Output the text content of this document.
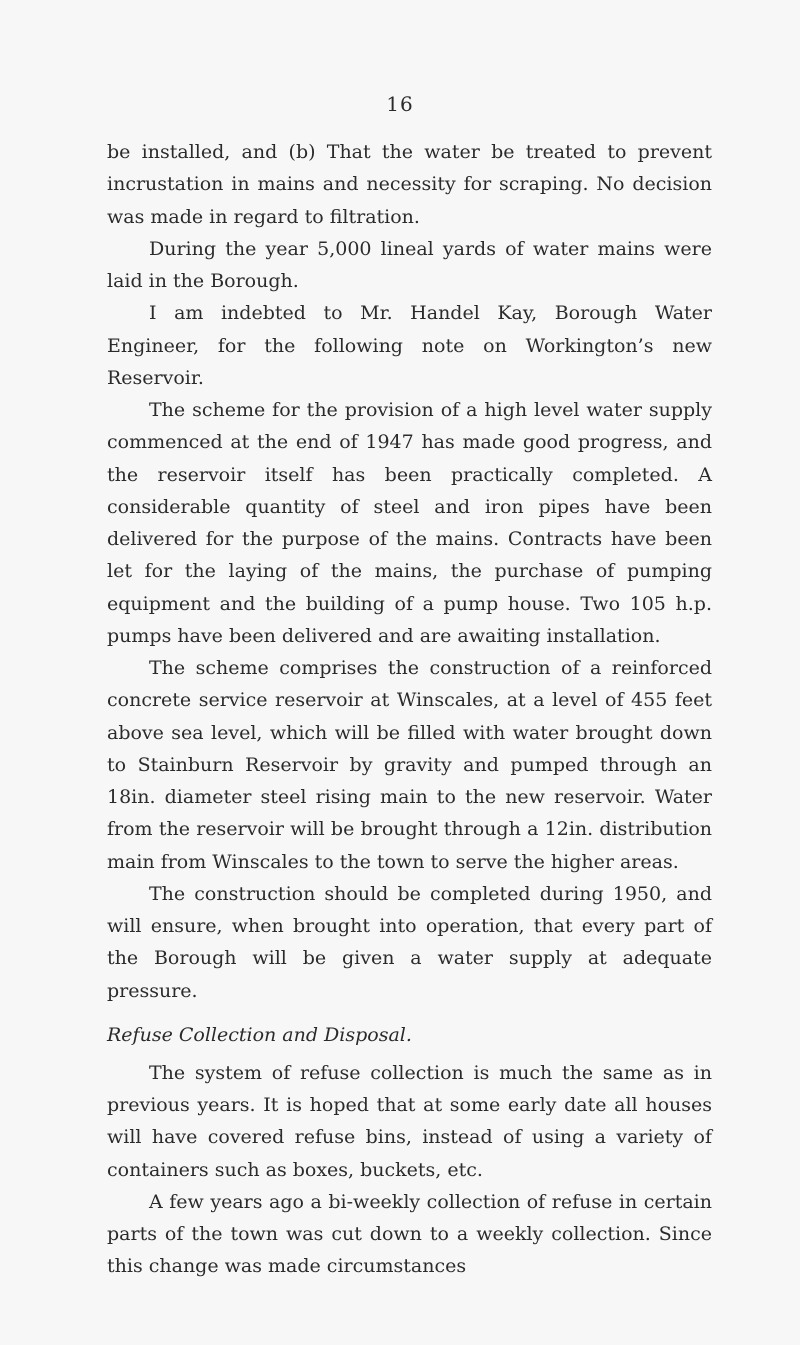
16

be installed, and (b) That the water be treated to prevent incrustation in mains and necessity for scraping. No decision was made in regard to filtration.

During the year 5,000 lineal yards of water mains were laid in the Borough.

I am indebted to Mr. Handel Kay, Borough Water Engineer, for the following note on Workington’s new Reservoir.

The scheme for the provision of a high level water supply commenced at the end of 1947 has made good progress, and the reservoir itself has been practically completed. A considerable quantity of steel and iron pipes have been delivered for the purpose of the mains. Contracts have been let for the laying of the mains, the purchase of pumping equipment and the building of a pump house. Two 105 h.p. pumps have been delivered and are awaiting installation.

The scheme comprises the construction of a reinforced concrete service reservoir at Winscales, at a level of 455 feet above sea level, which will be filled with water brought down to Stainburn Reservoir by gravity and pumped through an 18in. diameter steel rising main to the new reservoir. Water from the reservoir will be brought through a 12in. distribution main from Winscales to the town to serve the higher areas.

The construction should be completed during 1950, and will ensure, when brought into operation, that every part of the Borough will be given a water supply at adequate pressure.

Refuse Collection and Disposal.

The system of refuse collection is much the same as in previous years. It is hoped that at some early date all houses will have covered refuse bins, instead of using a variety of containers such as boxes, buckets, etc.

A few years ago a bi-weekly collection of refuse in certain parts of the town was cut down to a weekly collection. Since this change was made circumstances
